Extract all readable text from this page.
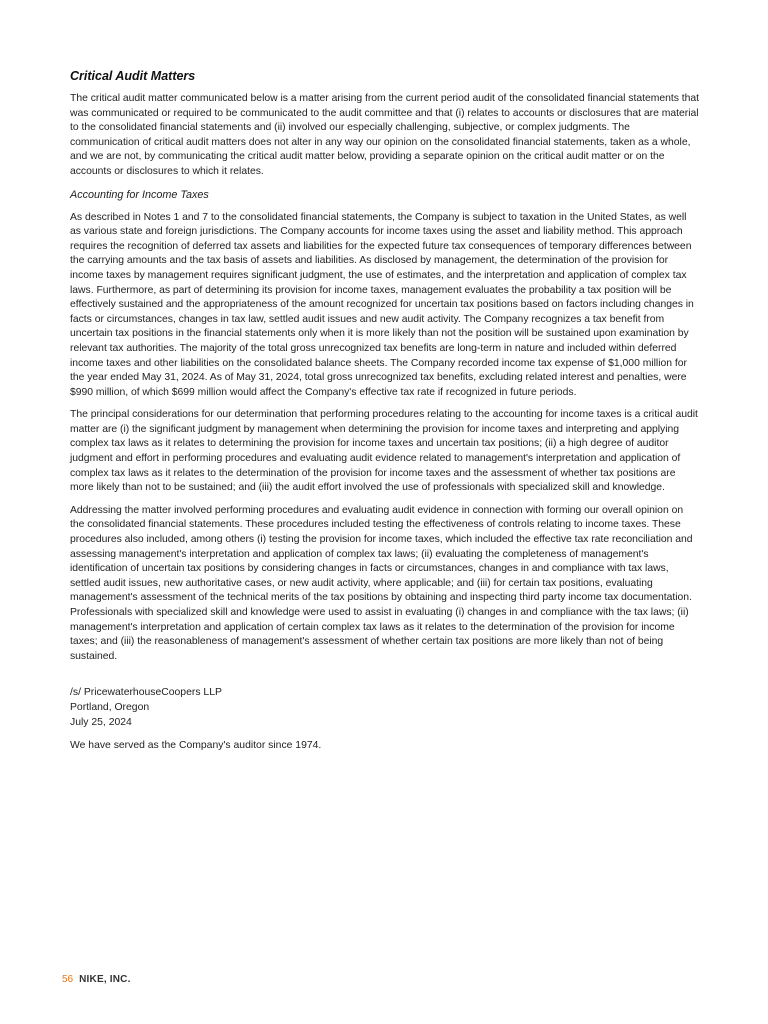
Critical Audit Matters

The critical audit matter communicated below is a matter arising from the current period audit of the consolidated financial statements that was communicated or required to be communicated to the audit committee and that (i) relates to accounts or disclosures that are material to the consolidated financial statements and (ii) involved our especially challenging, subjective, or complex judgments. The communication of critical audit matters does not alter in any way our opinion on the consolidated financial statements, taken as a whole, and we are not, by communicating the critical audit matter below, providing a separate opinion on the critical audit matter or on the accounts or disclosures to which it relates.

Accounting for Income Taxes

As described in Notes 1 and 7 to the consolidated financial statements, the Company is subject to taxation in the United States, as well as various state and foreign jurisdictions. The Company accounts for income taxes using the asset and liability method. This approach requires the recognition of deferred tax assets and liabilities for the expected future tax consequences of temporary differences between the carrying amounts and the tax basis of assets and liabilities. As disclosed by management, the determination of the provision for income taxes by management requires significant judgment, the use of estimates, and the interpretation and application of complex tax laws. Furthermore, as part of determining its provision for income taxes, management evaluates the probability a tax position will be effectively sustained and the appropriateness of the amount recognized for uncertain tax positions based on factors including changes in facts or circumstances, changes in tax law, settled audit issues and new audit activity. The Company recognizes a tax benefit from uncertain tax positions in the financial statements only when it is more likely than not the position will be sustained upon examination by relevant tax authorities. The majority of the total gross unrecognized tax benefits are long-term in nature and included within deferred income taxes and other liabilities on the consolidated balance sheets. The Company recorded income tax expense of $1,000 million for the year ended May 31, 2024. As of May 31, 2024, total gross unrecognized tax benefits, excluding related interest and penalties, were $990 million, of which $699 million would affect the Company's effective tax rate if recognized in future periods.

The principal considerations for our determination that performing procedures relating to the accounting for income taxes is a critical audit matter are (i) the significant judgment by management when determining the provision for income taxes and interpreting and applying complex tax laws as it relates to determining the provision for income taxes and uncertain tax positions; (ii) a high degree of auditor judgment and effort in performing procedures and evaluating audit evidence related to management's interpretation and application of complex tax laws as it relates to the determination of the provision for income taxes and the assessment of whether tax positions are more likely than not to be sustained; and (iii) the audit effort involved the use of professionals with specialized skill and knowledge.

Addressing the matter involved performing procedures and evaluating audit evidence in connection with forming our overall opinion on the consolidated financial statements. These procedures included testing the effectiveness of controls relating to income taxes. These procedures also included, among others (i) testing the provision for income taxes, which included the effective tax rate reconciliation and assessing management's interpretation and application of complex tax laws; (ii) evaluating the completeness of management's identification of uncertain tax positions by considering changes in facts or circumstances, changes in and compliance with tax laws, settled audit issues, new authoritative cases, or new audit activity, where applicable; and (iii) for certain tax positions, evaluating management's assessment of the technical merits of the tax positions by obtaining and inspecting third party income tax documentation. Professionals with specialized skill and knowledge were used to assist in evaluating (i) changes in and compliance with the tax laws; (ii) management's interpretation and application of certain complex tax laws as it relates to the determination of the provision for income taxes; and (iii) the reasonableness of management's assessment of whether certain tax positions are more likely than not of being sustained.

/s/ PricewaterhouseCoopers LLP
Portland, Oregon
July 25, 2024

We have served as the Company's auditor since 1974.

56 NIKE, INC.
